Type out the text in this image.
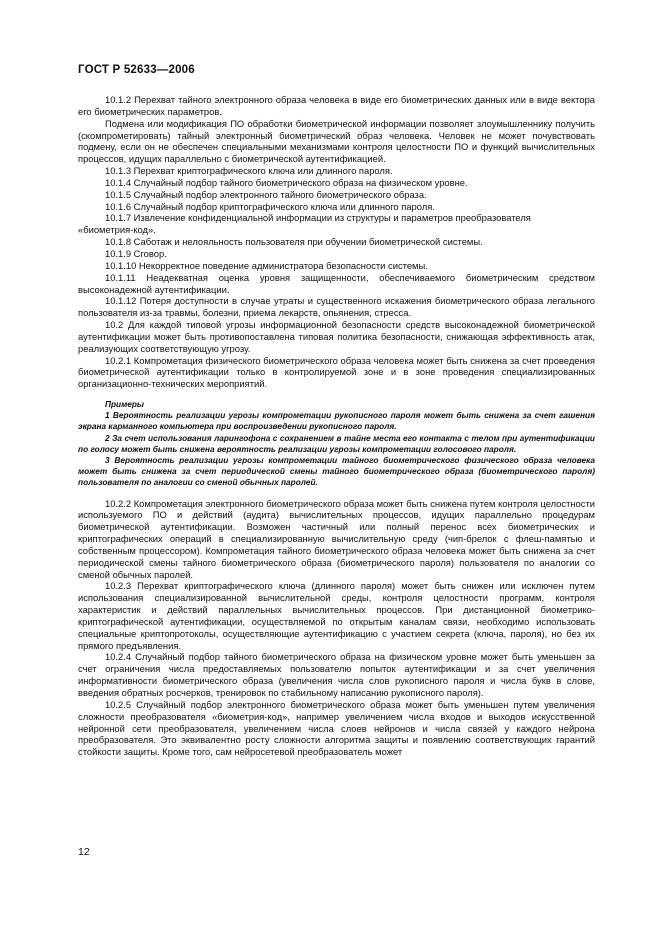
ГОСТ Р 52633—2006

10.1.2 Перехват тайного электронного образа человека в виде его биометрических данных или в виде вектора его биометрических параметров.

Подмена или модификация ПО обработки биометрической информации позволяет злоумышленнику получить (скомпрометировать) тайный электронный биометрический образ человека. Человек не может почувствовать подмену, если он не обеспечен специальными механизмами контроля целостности ПО и функций вычислительных процессов, идущих параллельно с биометрической аутентификацией.

10.1.3 Перехват криптографического ключа или длинного пароля.

10.1.4 Случайный подбор тайного биометрического образа на физическом уровне.

10.1.5 Случайный подбор электронного тайного биометрического образа.

10.1.6 Случайный подбор криптографического ключа или длинного пароля.

10.1.7 Извлечение конфиденциальной информации из структуры и параметров преобразователя

«биометрия-код».

10.1.8 Саботаж и нелояльность пользователя при обучении биометрической системы.

10.1.9 Сговор.

10.1.10 Некорректное поведение администратора безопасности системы.

10.1.11 Неадекватная оценка уровня защищенности, обеспечиваемого биометрическим средством высоконадежной аутентификации.

10.1.12 Потеря доступности в случае утраты и существенного искажения биометрического образа легального пользователя из-за травмы, болезни, приема лекарств, опьянения, стресса.

10.2 Для каждой типовой угрозы информационной безопасности средств высоконадежной биометрической аутентификации может быть противопоставлена типовая политика безопасности, снижающая эффективность атак, реализующих соответствующую угрозу.

10.2.1 Компрометация физического биометрического образа человека может быть снижена за счет проведения биометрической аутентификации только в контролируемой зоне и в зоне проведения специализированных организационно-технических мероприятий.

Примеры

1 Вероятность реализации угрозы компрометации рукописного пароля может быть снижена за счет гашения экрана карманного компьютера при воспроизведении рукописного пароля.

2 За счет использования ларингофона с сохранением в тайне места его контакта с телом при аутентификации по голосу может быть снижена вероятность реализации угрозы компрометации голосового пароля.

3 Вероятность реализации угрозы компрометации тайного биометрического физического образа человека может быть снижена за счет периодической смены тайного биометрического образа (биометрического пароля) пользователя по аналогии со сменой обычных паролей.

10.2.2 Компрометация электронного биометрического образа может быть снижена путем контроля целостности используемого ПО и действий (аудита) вычислительных процессов, идущих параллельно процедурам биометрической аутентификации. Возможен частичный или полный перенос всех биометрических и криптографических операций в специализированную вычислительную среду (чип-брелок с флеш-памятью и собственным процессором). Компрометация тайного биометрического образа человека может быть снижена за счет периодической смены тайного биометрического образа (биометрического пароля) пользователя по аналогии со сменой обычных паролей.

10.2.3 Перехват криптографического ключа (длинного пароля) может быть снижен или исключен путем использования специализированной вычислительной среды, контроля целостности программ, контроля характеристик и действий параллельных вычислительных процессов. При дистанционной биометрико-криптографической аутентификации, осуществляемой по открытым каналам связи, необходимо использовать специальные криптопротоколы, осуществляющие аутентификацию с участием секрета (ключа, пароля), но без их прямого предъявления.

10.2.4 Случайный подбор тайного биометрического образа на физическом уровне может быть уменьшен за счет ограничения числа предоставляемых пользователю попыток аутентификации и за счет увеличения информативности биометрического образа (увеличения числа слов рукописного пароля и числа букв в слове, введения обратных росчерков, тренировок по стабильному написанию рукописного пароля).

10.2.5 Случайный подбор электронного биометрического образа может быть уменьшен путем увеличения сложности преобразователя «биометрия-код», например увеличением числа входов и выходов искусственной нейронной сети преобразователя, увеличением числа слоев нейронов и числа связей у каждого нейрона преобразователя. Это эквивалентно росту сложности алгоритма защиты и появлению соответствующих гарантий стойкости защиты. Кроме того, сам нейросетевой преобразователь может

12
